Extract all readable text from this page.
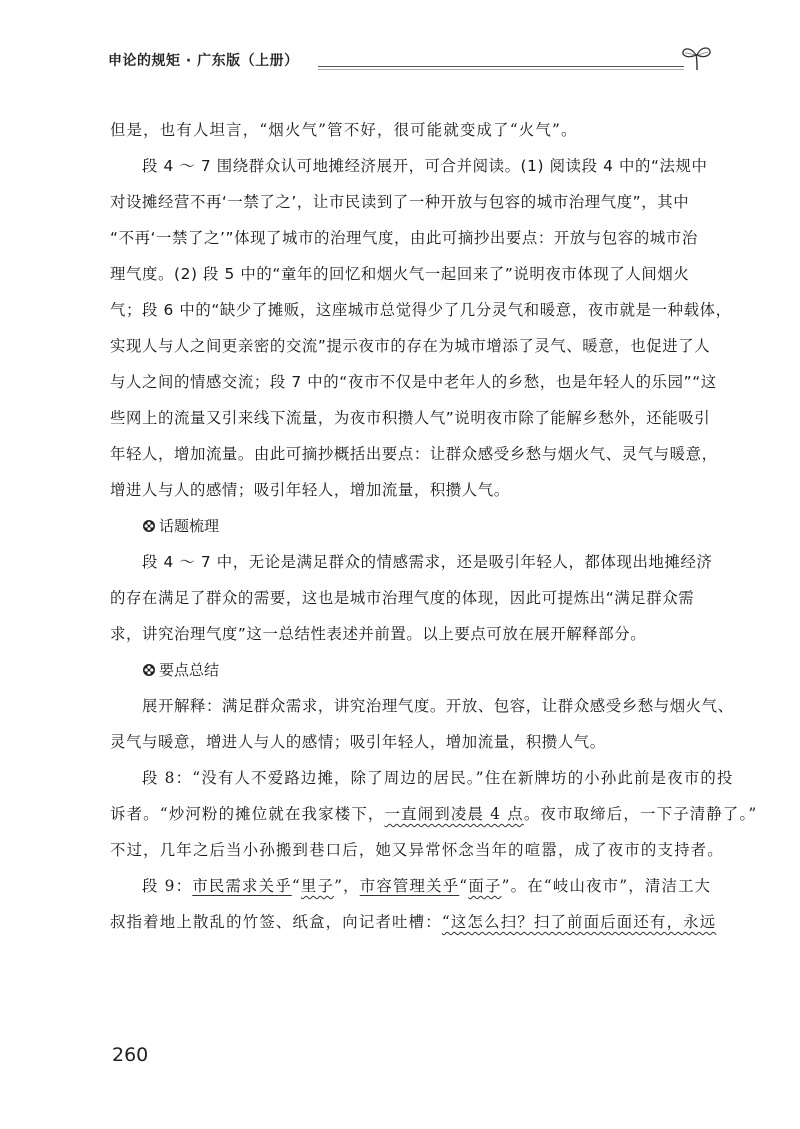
申论的规矩 · 广东版（上册）
但是，也有人坦言，“烟火气”管不好，很可能就变成了“火气”。
段 4 ～ 7 围绕群众认可地摊经济展开，可合并阅读。(1) 阅读段 4 中的“法规中
对设摊经营不再‘一禁了之’，让市民读到了一种开放与包容的城市治理气度”，其中
“不再‘一禁了之’”体现了城市的治理气度，由此可摘抄出要点：开放与包容的城市治
理气度。(2) 段 5 中的“童年的回忆和烟火气一起回来了”说明夜市体现了人间烟火
气；段 6 中的“缺少了摊贩，这座城市总觉得少了几分灵气和暖意，夜市就是一种载体，
实现人与人之间更亲密的交流”提示夜市的存在为城市增添了灵气、暖意，也促进了人
与人之间的情感交流；段 7 中的“夜市不仅是中老年人的乡愁，也是年轻人的乐园”“这
些网上的流量又引来线下流量，为夜市积攒人气”说明夜市除了能解乡愁外，还能吸引
年轻人，增加流量。由此可摘抄概括出要点：让群众感受乡愁与烟火气、灵气与暖意，
增进人与人的感情；吸引年轻人，增加流量，积攒人气。
话题梳理
段 4 ～ 7 中，无论是满足群众的情感需求，还是吸引年轻人，都体现出地摊经济
的存在满足了群众的需要，这也是城市治理气度的体现，因此可提炼出“满足群众需
求，讲究治理气度”这一总结性表述并前置。以上要点可放在展开解释部分。
要点总结
展开解释：满足群众需求，讲究治理气度。开放、包容，让群众感受乡愁与烟火气、
灵气与暖意，增进人与人的感情；吸引年轻人，增加流量，积攒人气。
段 8：“没有人不爱路边摊，除了周边的居民。”住在新牌坊的小孙此前是夜市的投
诉者。“炒河粉的摊位就在我家楼下，一直闹到凌晨 4 点。夜市取缔后，一下子清静了。”
不过，几年之后当小孙搬到巷口后，她又异常怀念当年的喧嚣，成了夜市的支持者。
段 9：市民需求关乎“里子”，市容管理关乎“面子”。在“岐山夜市”，清洁工大
叔指着地上散乱的竹签、纸盒，向记者吐槽：“这怎么扫？扫了前面后面还有，永远
260
